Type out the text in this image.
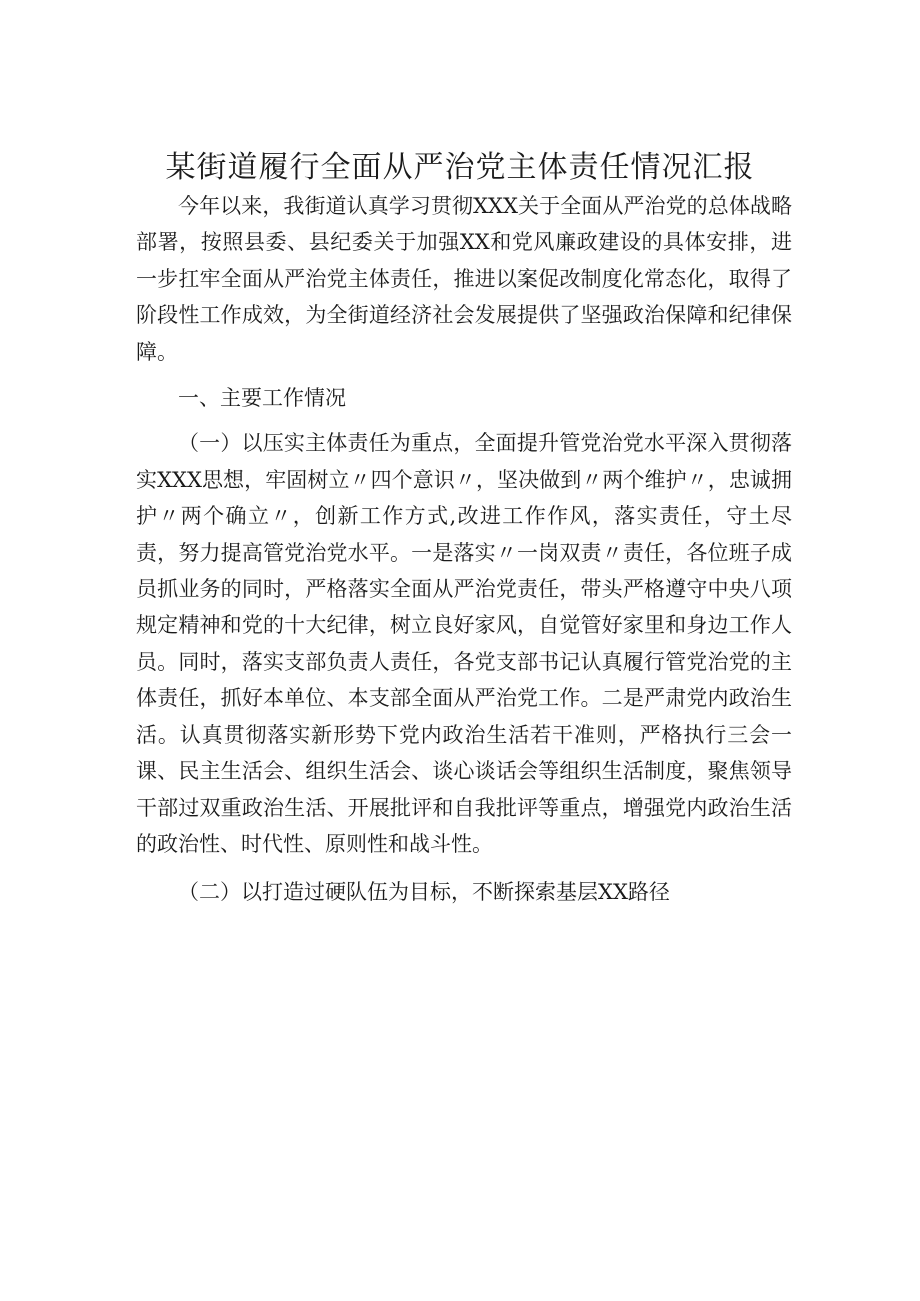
某街道履行全面从严治党主体责任情况汇报

今年以来，我街道认真学习贯彻XXX关于全面从严治党的总体战略部署，按照县委、县纪委关于加强XX和党风廉政建设的具体安排，进一步扛牢全面从严治党主体责任，推进以案促改制度化常态化，取得了阶段性工作成效，为全街道经济社会发展提供了坚强政治保障和纪律保障。

一、主要工作情况

（一）以压实主体责任为重点，全面提升管党治党水平深入贯彻落实XXX思想，牢固树立〃四个意识〃，坚决做到〃两个维护〃，忠诚拥护〃两个确立〃，创新工作方式,改进工作作风，落实责任，守土尽责，努力提高管党治党水平。一是落实〃一岗双责〃责任，各位班子成员抓业务的同时，严格落实全面从严治党责任，带头严格遵守中央八项规定精神和党的十大纪律，树立良好家风，自觉管好家里和身边工作人员。同时，落实支部负责人责任，各党支部书记认真履行管党治党的主体责任，抓好本单位、本支部全面从严治党工作。二是严肃党内政治生活。认真贯彻落实新形势下党内政治生活若干准则，严格执行三会一课、民主生活会、组织生活会、谈心谈话会等组织生活制度，聚焦领导干部过双重政治生活、开展批评和自我批评等重点，增强党内政治生活的政治性、时代性、原则性和战斗性。

（二）以打造过硬队伍为目标，不断探索基层XX路径
